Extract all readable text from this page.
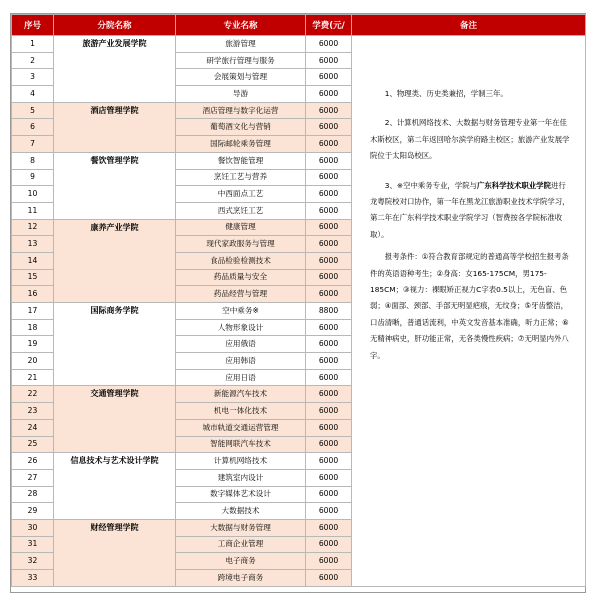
序号	分院名称	专业名称	学费(元/	备注
1	旅游产业发展学院	旅游管理	6000	1、物理类、历史类兼招，学制三年。

2、计算机网络技术、大数据与财务管理专业第一年在佳木斯校区，第二年返回哈尔滨学府路主校区；旅游产业发展学院位于太阳岛校区。

3、※空中乘务专业，学院与广东科学技术职业学院进行龙粤院校对口协作，第一年在黑龙江旅游职业技术学院学习，第二年在广东科学技术职业学院学习（智费按各学院标准收取）。

报考条件：①符合教育部规定的普通高等学校招生报考条件的英语语种考生；②身高：女165-175CM，男175-185CM；③视力：裸眼矫正视力C字表0.5以上，无色盲、色弱；④面部、颈部、手部无明显疤痕，无纹身；⑤牙齿整洁，口齿清晰，普通话流利，中英文发音基本准确，听力正常；⑥无精神病史，肝功能正常，无各类慢性疾病；⑦无明显内外八字。

2		研学旅行管理与服务	6000	
3		会展策划与管理	6000	
4		导游	6000	
5	酒店管理学院	酒店管理与数字化运营	6000	
6		葡萄酒文化与营销	6000	
7		国际邮轮乘务管理	6000	
8	餐饮管理学院	餐饮智能管理	6000	
9		烹饪工艺与营养	6000	
10		中西面点工艺	6000	
11		西式烹饪工艺	6000	
12	康养产业学院	健康管理	6000	
13		现代家政服务与管理	6000	
14		食品检验检测技术	6000	
15		药品质量与安全	6000	
16		药品经营与管理	6000	
17	国际商务学院	空中乘务※	8800	
18		人物形象设计	6000	
19		应用俄语	6000	
20		应用韩语	6000	
21		应用日语	6000	
22	交通管理学院	新能源汽车技术	6000	
23		机电一体化技术	6000	
24		城市轨道交通运营管理	6000	
25		智能网联汽车技术	6000	
26	信息技术与艺术设计学院	计算机网络技术	6000	
27		建筑室内设计	6000	
28		数字媒体艺术设计	6000	
29		大数据技术	6000	
30	财经管理学院	大数据与财务管理	6000	
31		工商企业管理	6000	
32		电子商务	6000	
33		跨境电子商务	6000	
